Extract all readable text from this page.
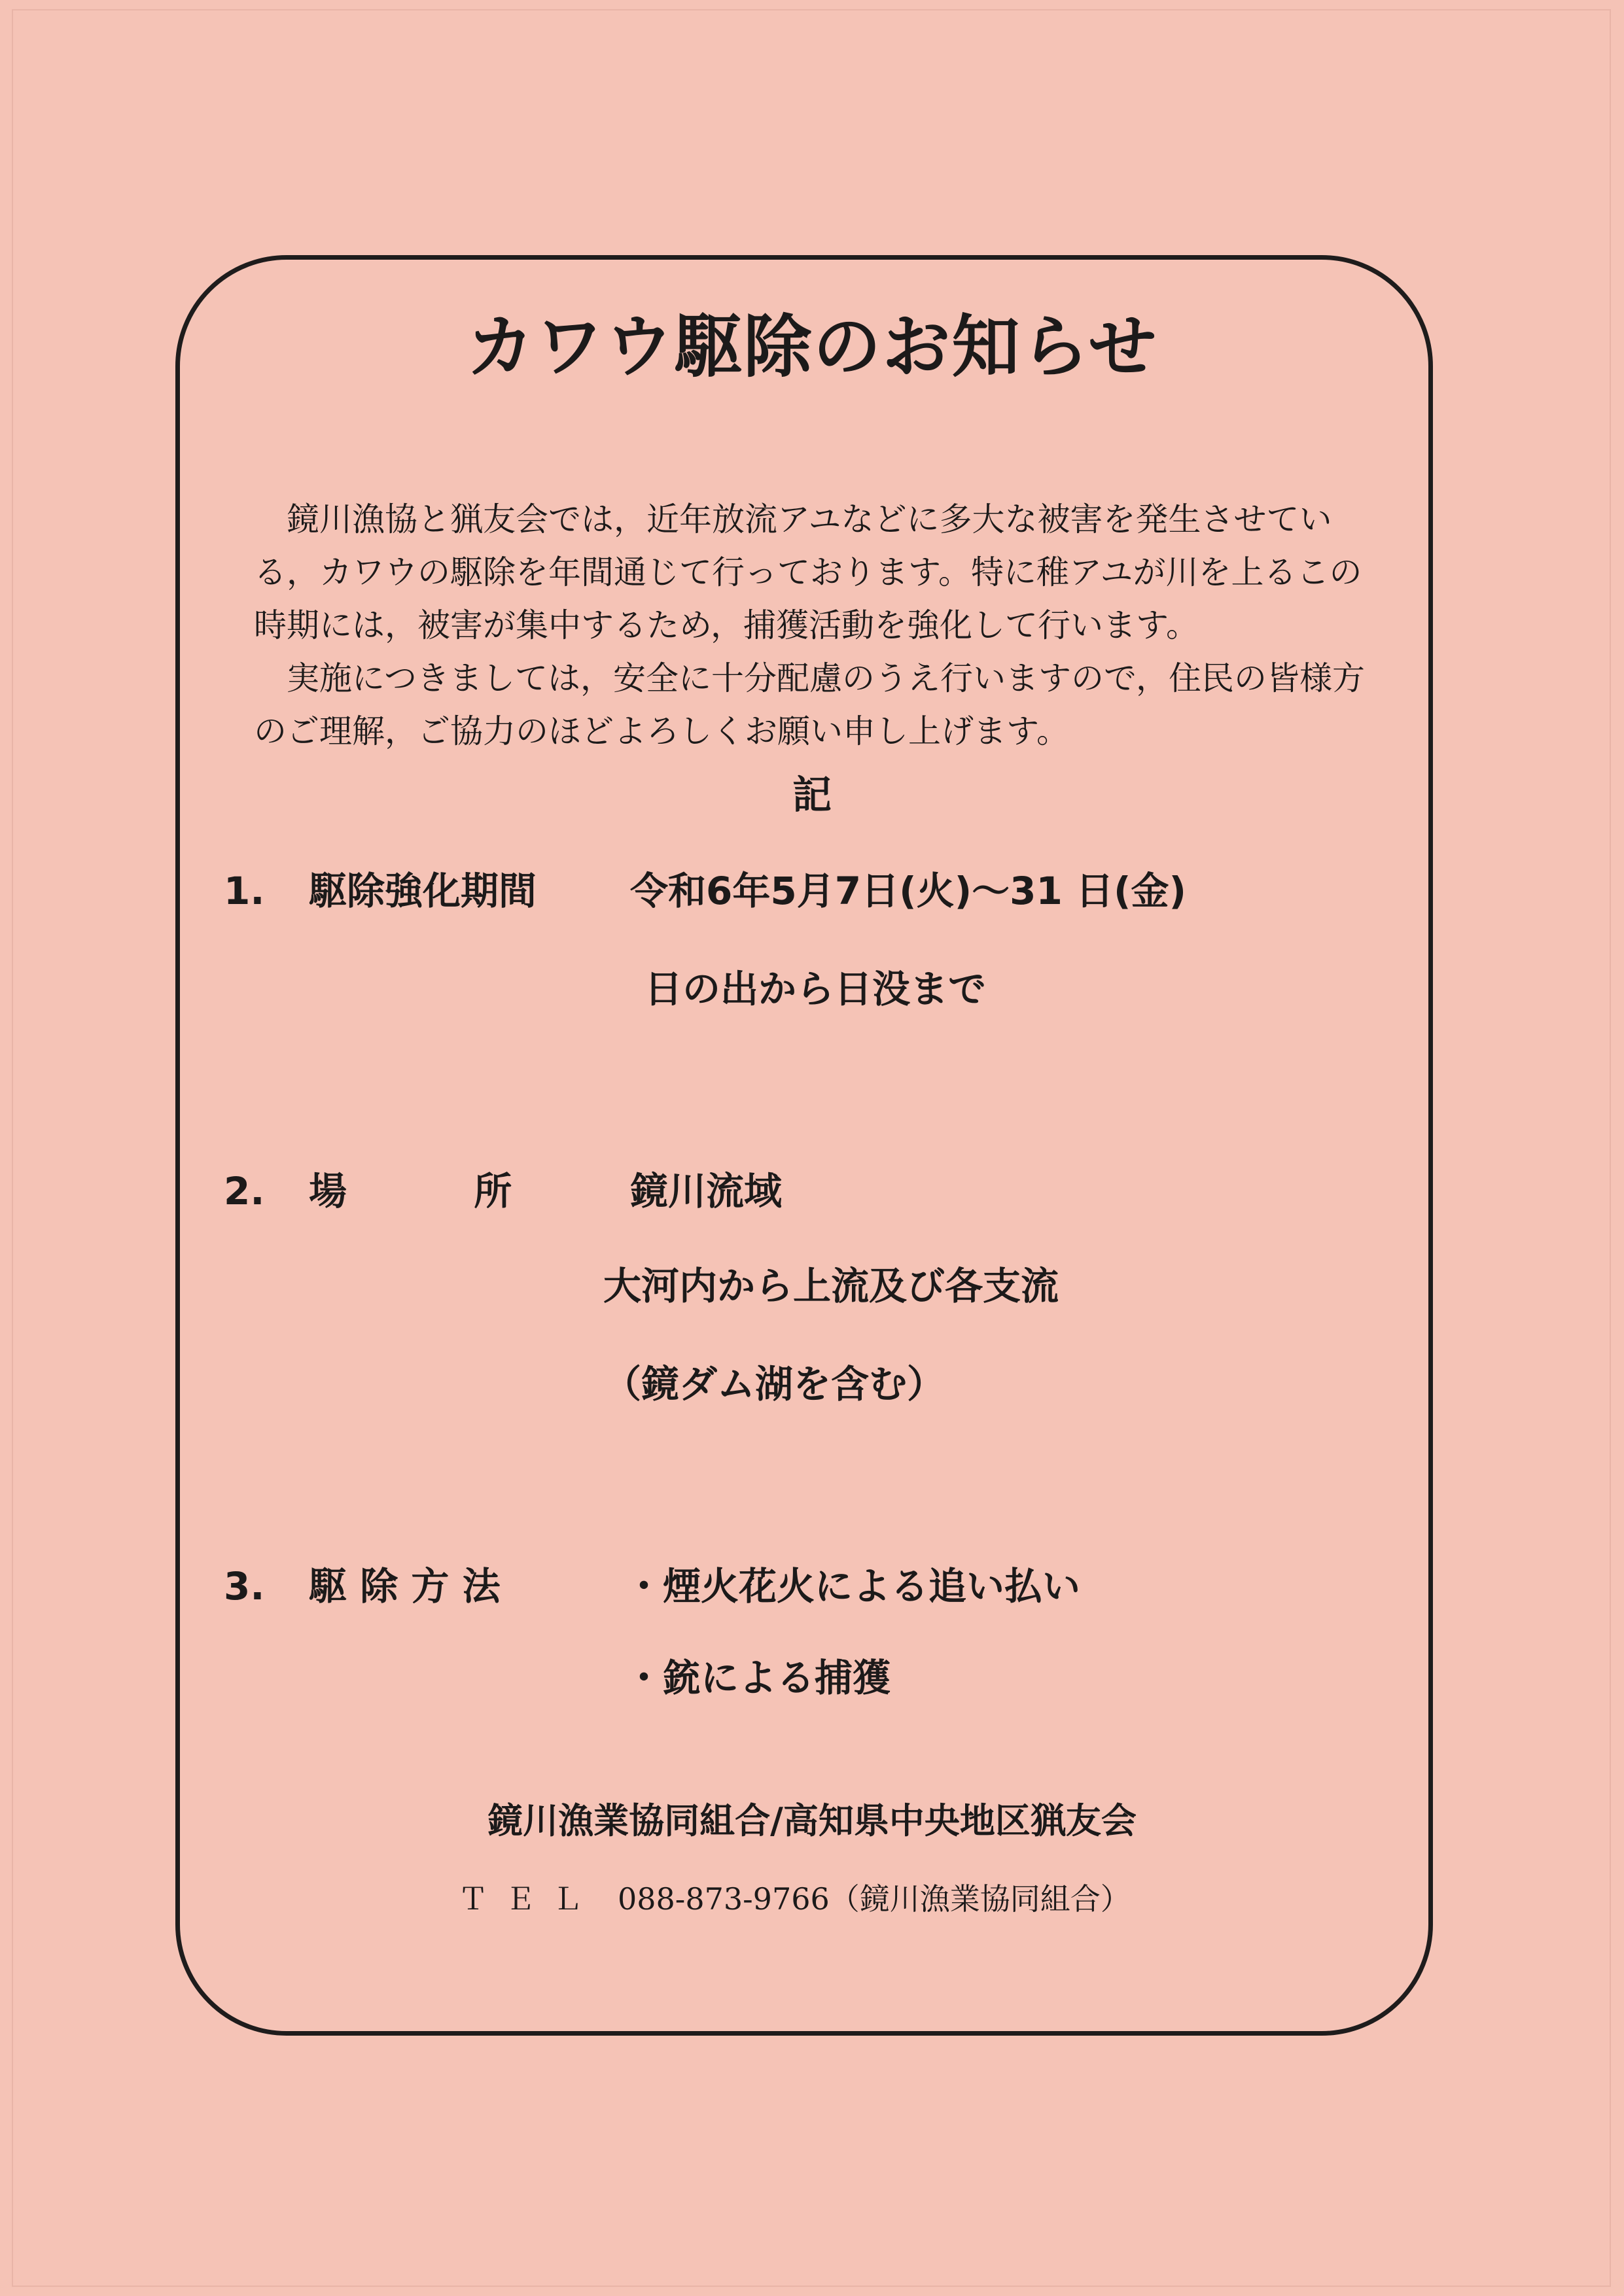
カワウ駆除のお知らせ

鏡川漁協と猟友会では，近年放流アユなどに多大な被害を発生させている，カワウの駆除を年間通じて行っております。特に稚アユが川を上るこの時期には，被害が集中するため，捕獲活動を強化して行います。

実施につきましては，安全に十分配慮のうえ行いますので，住民の皆様方のご理解，ご協力のほどよろしくお願い申し上げます。

記
1. 駆除強化期間 令和6年5月7日(火)～31 日(金)
日の出から日没まで
2. 場　　　 所	鏡川流域
大河内から上流及び各支流
（鏡ダム湖を含む）
3. 駆 除 方 法	・煙火花火による追い払い
・銃による捕獲
鏡川漁業協同組合/高知県中央地区猟友会
ＴＥＬ 088-873-9766（鏡川漁業協同組合）
